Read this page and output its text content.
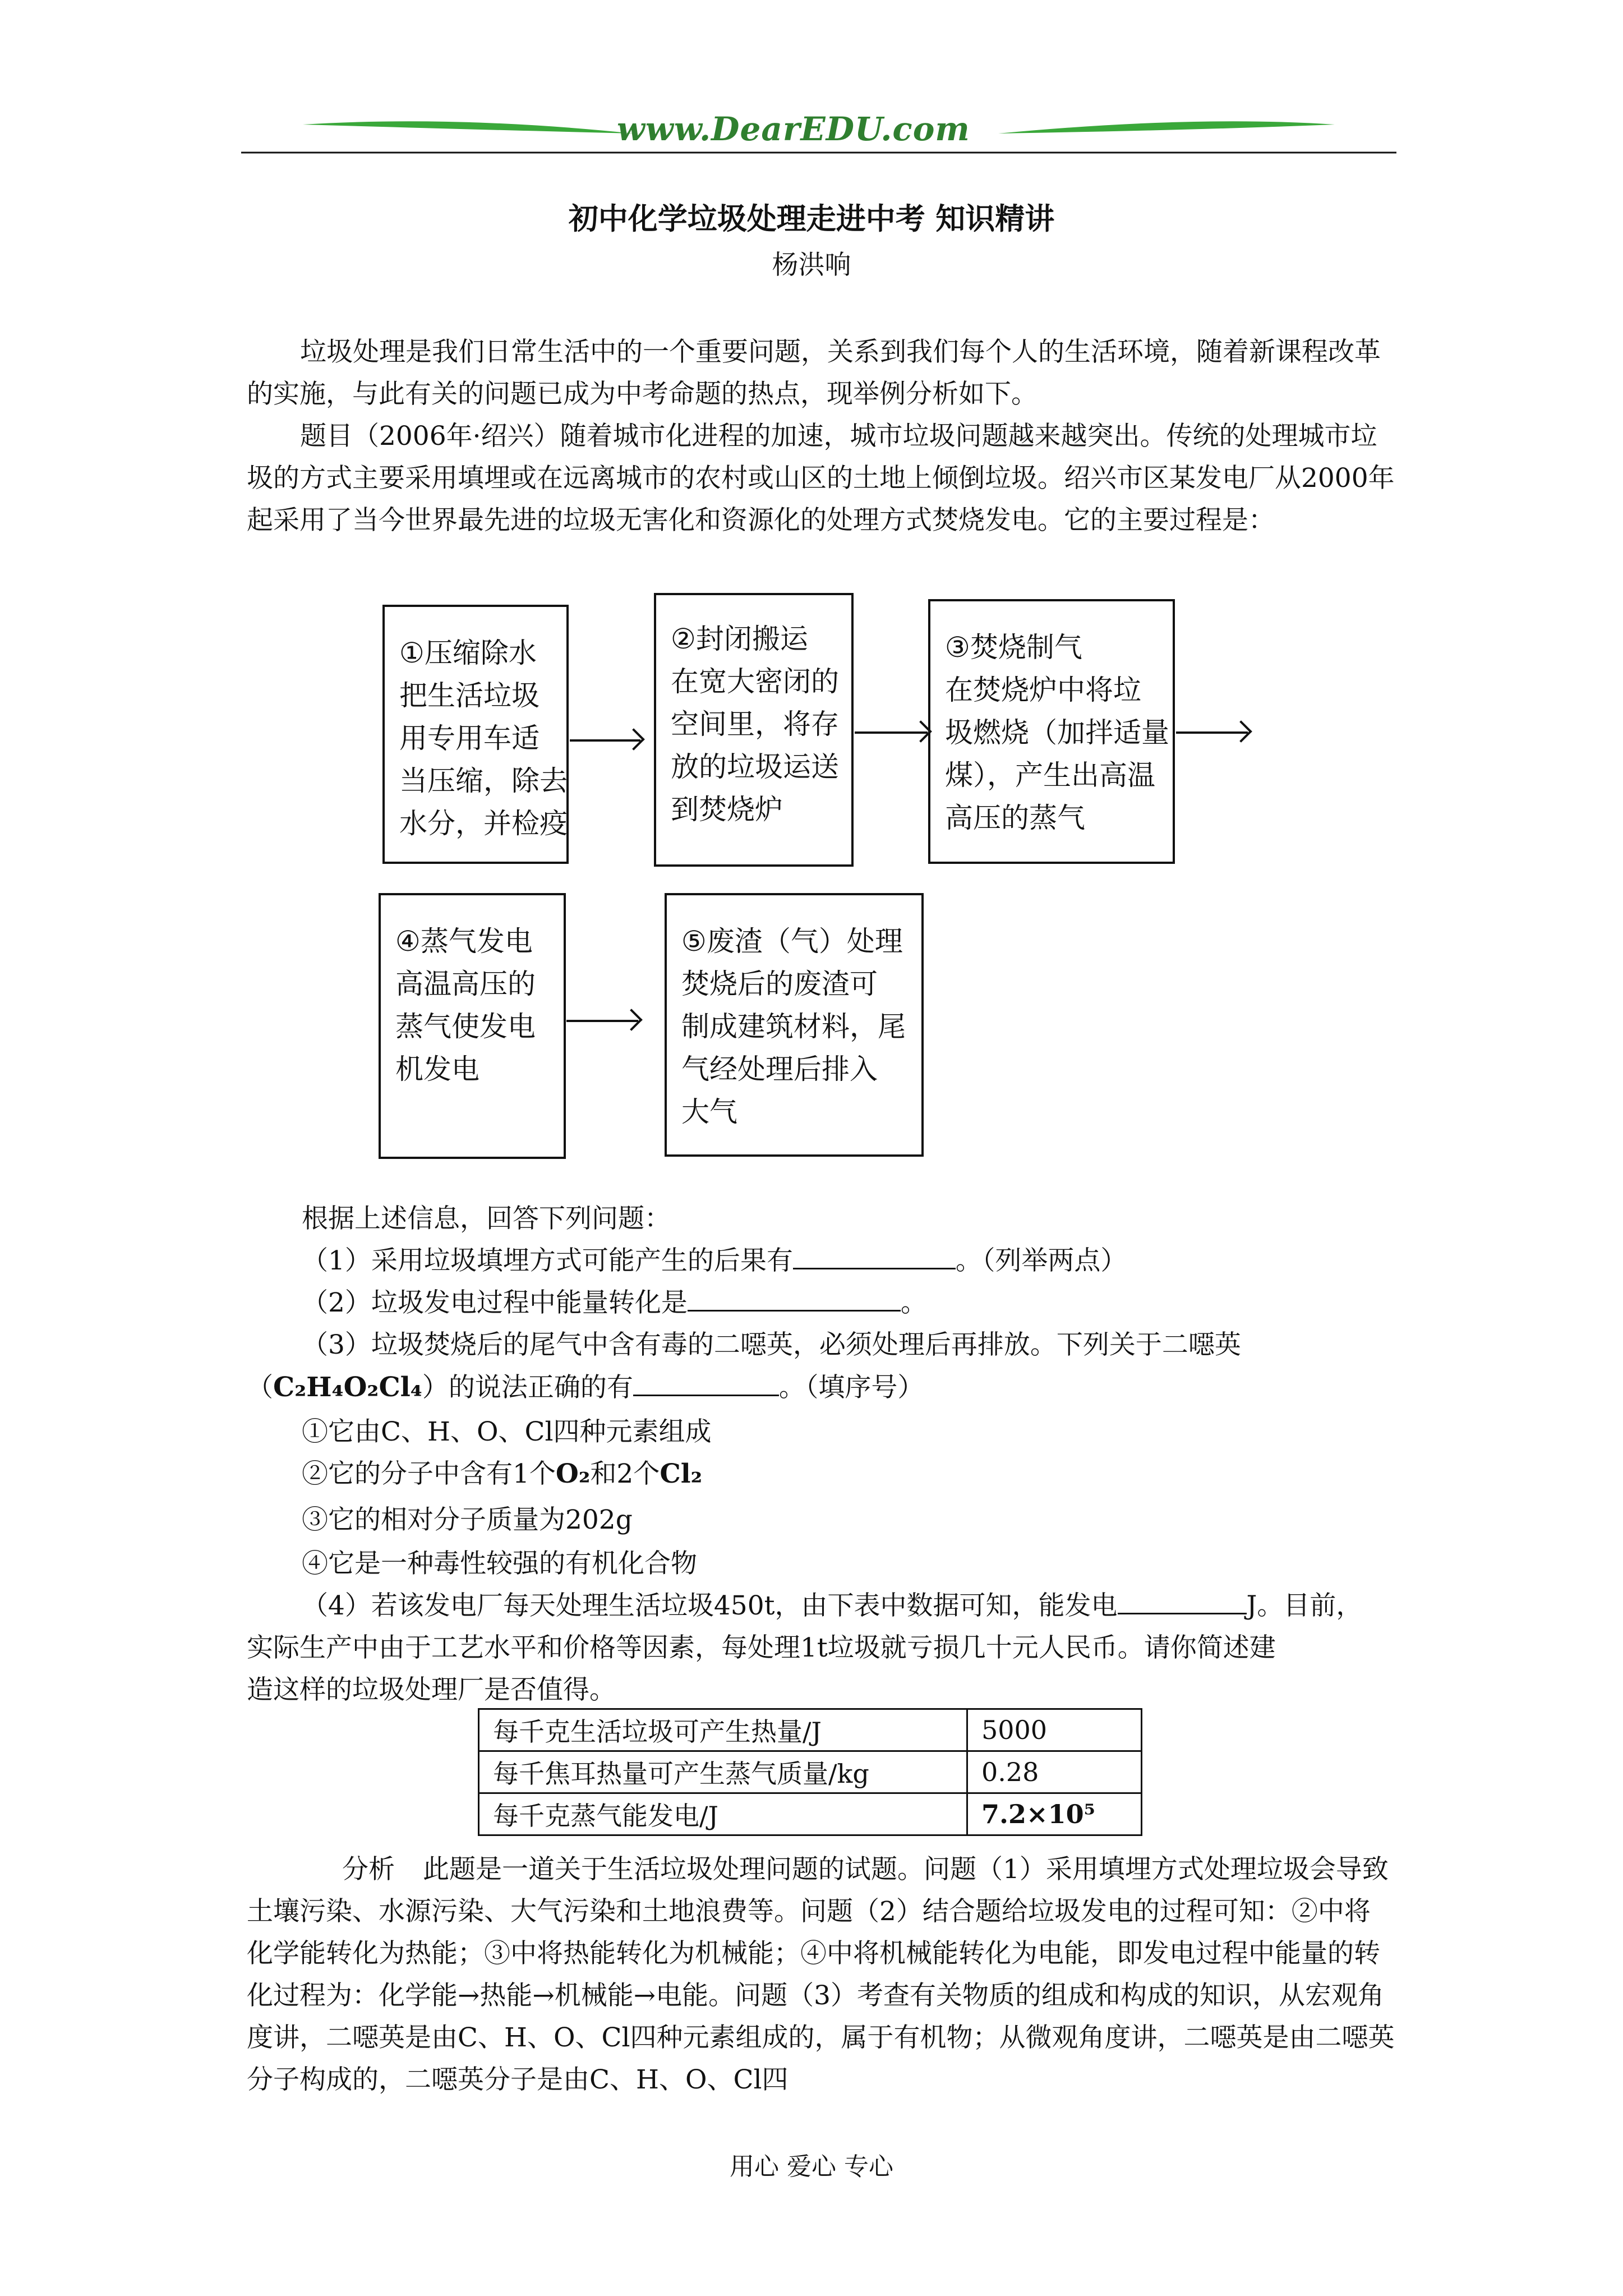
www.DearEDU.com
初中化学垃圾处理走进中考 知识精讲
杨洪响
垃圾处理是我们日常生活中的一个重要问题，关系到我们每个人的生活环境，随着新课程改革的实施，与此有关的问题已成为中考命题的热点，现举例分析如下。
题目（2006年·绍兴）随着城市化进程的加速，城市垃圾问题越来越突出。传统的处理城市垃圾的方式主要采用填埋或在远离城市的农村或山区的土地上倾倒垃圾。绍兴市区某发电厂从2000年起采用了当今世界最先进的垃圾无害化和资源化的处理方式焚烧发电。它的主要过程是：
①压缩除水
把生活垃圾
用专用车适
当压缩，除去
水分，并检疫
②封闭搬运
在宽大密闭的
空间里，将存
放的垃圾运送
到焚烧炉
③焚烧制气
在焚烧炉中将垃
圾燃烧（加拌适量
煤），产生出高温
高压的蒸气
④蒸气发电
高温高压的
蒸气使发电
机发电
⑤废渣（气）处理
焚烧后的废渣可
制成建筑材料，尾
气经处理后排入
大气
根据上述信息，回答下列问题：
（1）采用垃圾填埋方式可能产生的后果有	。（列举两点）
（2）垃圾发电过程中能量转化是	。
（3）垃圾焚烧后的尾气中含有毒的二噁英，必须处理后再排放。下列关于二噁英
（C₂H₄O₂Cl₄）的说法正确的有	。（填序号）
①它由C、H、O、Cl四种元素组成
②它的分子中含有1个O₂和2个Cl₂
③它的相对分子质量为202g
④它是一种毒性较强的有机化合物
（4）若该发电厂每天处理生活垃圾450t，由下表中数据可知，能发电	J。目前，
实际生产中由于工艺水平和价格等因素，每处理1t垃圾就亏损几十元人民币。请你简述建
造这样的垃圾处理厂是否值得。
每千克生活垃圾可产生热量/J	5000
每千焦耳热量可产生蒸气质量/kg	0.28
每千克蒸气能发电/J	7.2×10⁵
分析 此题是一道关于生活垃圾处理问题的试题。问题（1）采用填埋方式处理垃圾会导致土壤污染、水源污染、大气污染和土地浪费等。问题（2）结合题给垃圾发电的过程可知：②中将化学能转化为热能；③中将热能转化为机械能；④中将机械能转化为电能，即发电过程中能量的转化过程为：化学能→热能→机械能→电能。问题（3）考查有关物质的组成和构成的知识，从宏观角度讲，二噁英是由C、H、O、Cl四种元素组成的，属于有机物；从微观角度讲，二噁英是由二噁英分子构成的，二噁英分子是由C、H、O、Cl四
用心 爱心 专心
